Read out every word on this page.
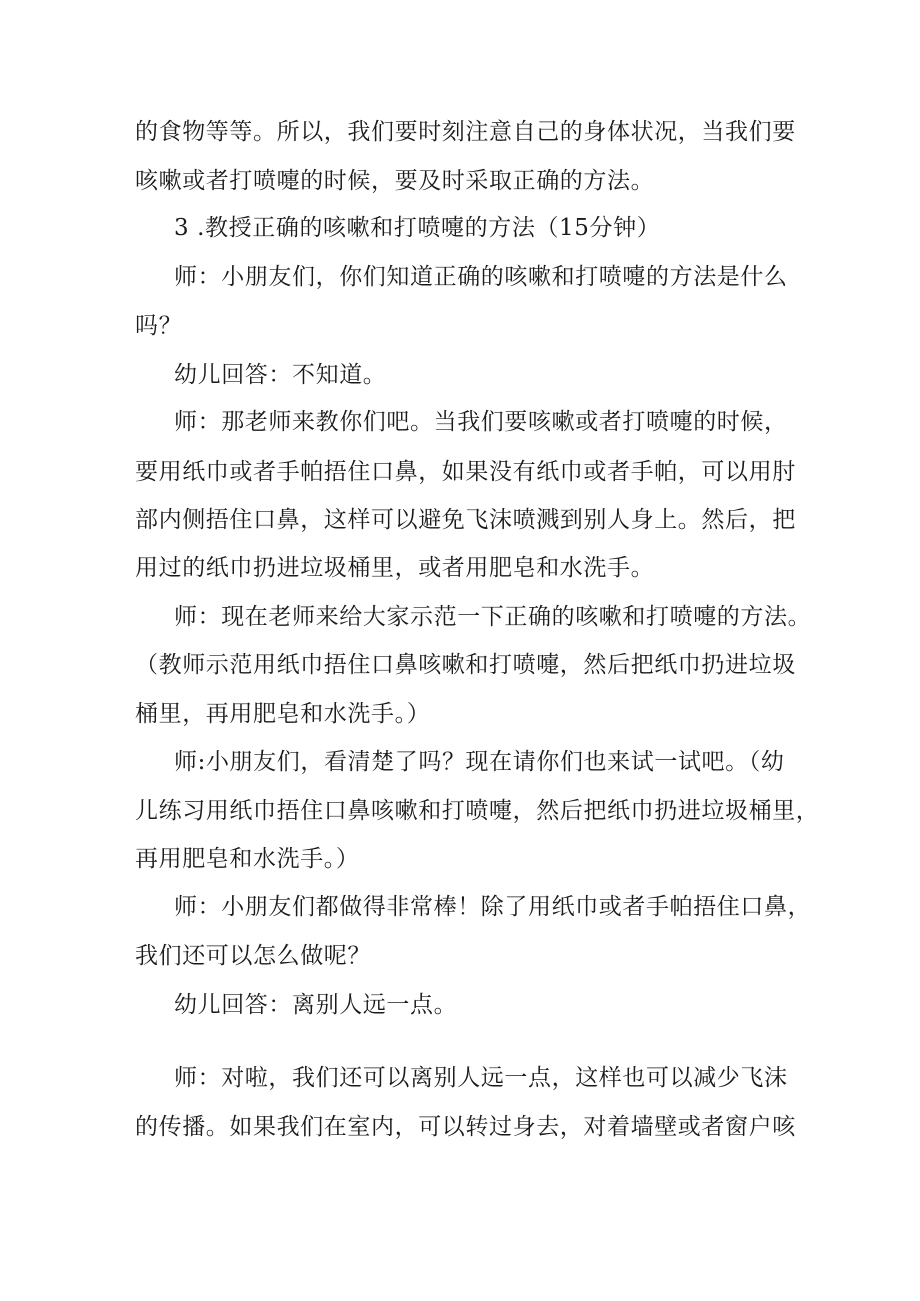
的食物等等。所以，我们要时刻注意自己的身体状况，当我们要
咳嗽或者打喷嚏的时候，要及时采取正确的方法。
3 .教授正确的咳嗽和打喷嚏的方法（15分钟）
师：小朋友们，你们知道正确的咳嗽和打喷嚏的方法是什么
吗？
幼儿回答：不知道。
师：那老师来教你们吧。当我们要咳嗽或者打喷嚏的时候，
要用纸巾或者手帕捂住口鼻，如果没有纸巾或者手帕，可以用肘
部内侧捂住口鼻，这样可以避免飞沫喷溅到别人身上。然后，把
用过的纸巾扔进垃圾桶里，或者用肥皂和水洗手。
师：现在老师来给大家示范一下正确的咳嗽和打喷嚏的方法。
（教师示范用纸巾捂住口鼻咳嗽和打喷嚏，然后把纸巾扔进垃圾
桶里，再用肥皂和水洗手。）
师:小朋友们，看清楚了吗？现在请你们也来试一试吧。（幼
儿练习用纸巾捂住口鼻咳嗽和打喷嚏，然后把纸巾扔进垃圾桶里，
再用肥皂和水洗手。）
师：小朋友们都做得非常棒！除了用纸巾或者手帕捂住口鼻，
我们还可以怎么做呢？
幼儿回答：离别人远一点。
师：对啦，我们还可以离别人远一点，这样也可以减少飞沫
的传播。如果我们在室内，可以转过身去，对着墙壁或者窗户咳
